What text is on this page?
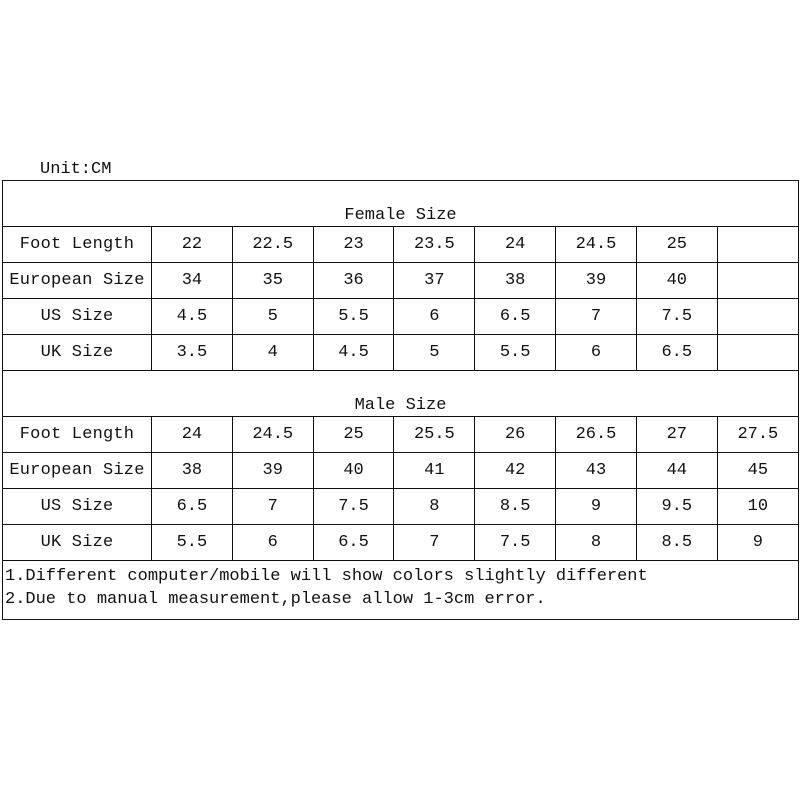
Unit:CM
Female Size
Foot Length	22	22.5	23	23.5	24	24.5	25	
European Size	34	35	36	37	38	39	40	
US Size	4.5	5	5.5	6	6.5	7	7.5	
UK Size	3.5	4	4.5	5	5.5	6	6.5	
Male Size
Foot Length	24	24.5	25	25.5	26	26.5	27	27.5
European Size	38	39	40	41	42	43	44	45
US Size	6.5	7	7.5	8	8.5	9	9.5	10
UK Size	5.5	6	6.5	7	7.5	8	8.5	9
1.Different computer/mobile will show colors slightly different
2.Due to manual measurement,please allow 1-3cm error.
